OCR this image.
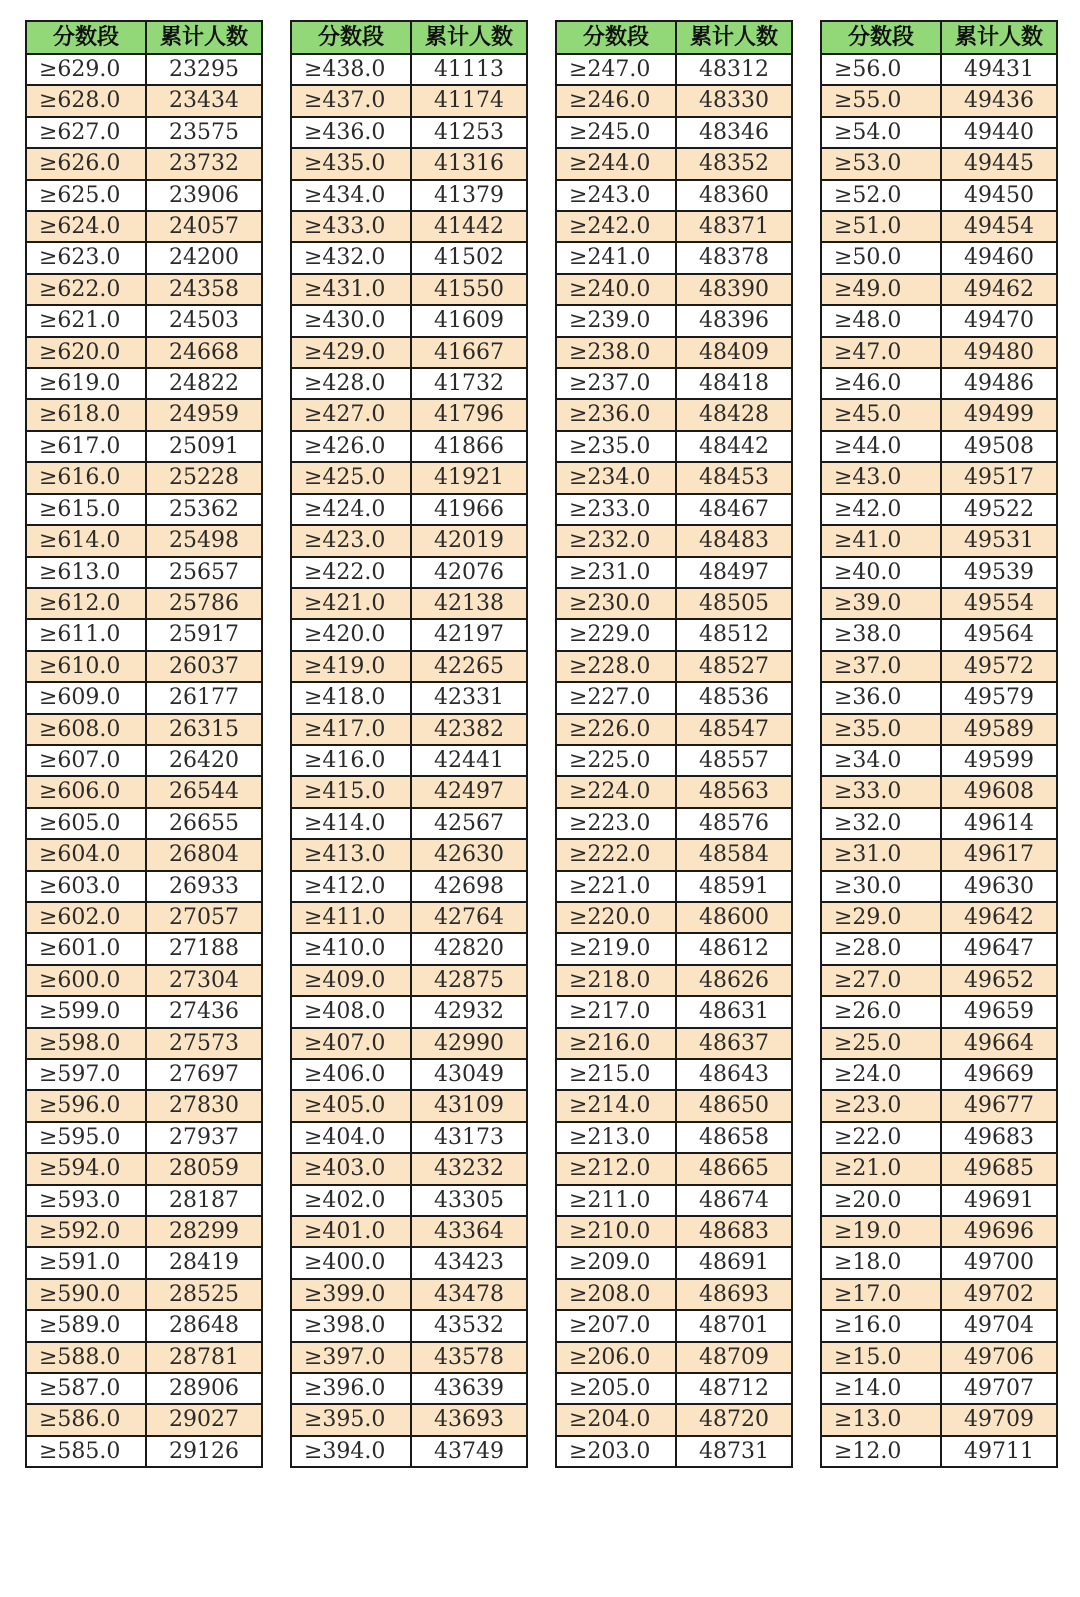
分数段	累计人数
≥629.0	23295
≥628.0	23434
≥627.0	23575
≥626.0	23732
≥625.0	23906
≥624.0	24057
≥623.0	24200
≥622.0	24358
≥621.0	24503
≥620.0	24668
≥619.0	24822
≥618.0	24959
≥617.0	25091
≥616.0	25228
≥615.0	25362
≥614.0	25498
≥613.0	25657
≥612.0	25786
≥611.0	25917
≥610.0	26037
≥609.0	26177
≥608.0	26315
≥607.0	26420
≥606.0	26544
≥605.0	26655
≥604.0	26804
≥603.0	26933
≥602.0	27057
≥601.0	27188
≥600.0	27304
≥599.0	27436
≥598.0	27573
≥597.0	27697
≥596.0	27830
≥595.0	27937
≥594.0	28059
≥593.0	28187
≥592.0	28299
≥591.0	28419
≥590.0	28525
≥589.0	28648
≥588.0	28781
≥587.0	28906
≥586.0	29027
≥585.0	29126
分数段	累计人数
≥438.0	41113
≥437.0	41174
≥436.0	41253
≥435.0	41316
≥434.0	41379
≥433.0	41442
≥432.0	41502
≥431.0	41550
≥430.0	41609
≥429.0	41667
≥428.0	41732
≥427.0	41796
≥426.0	41866
≥425.0	41921
≥424.0	41966
≥423.0	42019
≥422.0	42076
≥421.0	42138
≥420.0	42197
≥419.0	42265
≥418.0	42331
≥417.0	42382
≥416.0	42441
≥415.0	42497
≥414.0	42567
≥413.0	42630
≥412.0	42698
≥411.0	42764
≥410.0	42820
≥409.0	42875
≥408.0	42932
≥407.0	42990
≥406.0	43049
≥405.0	43109
≥404.0	43173
≥403.0	43232
≥402.0	43305
≥401.0	43364
≥400.0	43423
≥399.0	43478
≥398.0	43532
≥397.0	43578
≥396.0	43639
≥395.0	43693
≥394.0	43749
分数段	累计人数
≥247.0	48312
≥246.0	48330
≥245.0	48346
≥244.0	48352
≥243.0	48360
≥242.0	48371
≥241.0	48378
≥240.0	48390
≥239.0	48396
≥238.0	48409
≥237.0	48418
≥236.0	48428
≥235.0	48442
≥234.0	48453
≥233.0	48467
≥232.0	48483
≥231.0	48497
≥230.0	48505
≥229.0	48512
≥228.0	48527
≥227.0	48536
≥226.0	48547
≥225.0	48557
≥224.0	48563
≥223.0	48576
≥222.0	48584
≥221.0	48591
≥220.0	48600
≥219.0	48612
≥218.0	48626
≥217.0	48631
≥216.0	48637
≥215.0	48643
≥214.0	48650
≥213.0	48658
≥212.0	48665
≥211.0	48674
≥210.0	48683
≥209.0	48691
≥208.0	48693
≥207.0	48701
≥206.0	48709
≥205.0	48712
≥204.0	48720
≥203.0	48731
分数段	累计人数
≥56.0	49431
≥55.0	49436
≥54.0	49440
≥53.0	49445
≥52.0	49450
≥51.0	49454
≥50.0	49460
≥49.0	49462
≥48.0	49470
≥47.0	49480
≥46.0	49486
≥45.0	49499
≥44.0	49508
≥43.0	49517
≥42.0	49522
≥41.0	49531
≥40.0	49539
≥39.0	49554
≥38.0	49564
≥37.0	49572
≥36.0	49579
≥35.0	49589
≥34.0	49599
≥33.0	49608
≥32.0	49614
≥31.0	49617
≥30.0	49630
≥29.0	49642
≥28.0	49647
≥27.0	49652
≥26.0	49659
≥25.0	49664
≥24.0	49669
≥23.0	49677
≥22.0	49683
≥21.0	49685
≥20.0	49691
≥19.0	49696
≥18.0	49700
≥17.0	49702
≥16.0	49704
≥15.0	49706
≥14.0	49707
≥13.0	49709
≥12.0	49711
